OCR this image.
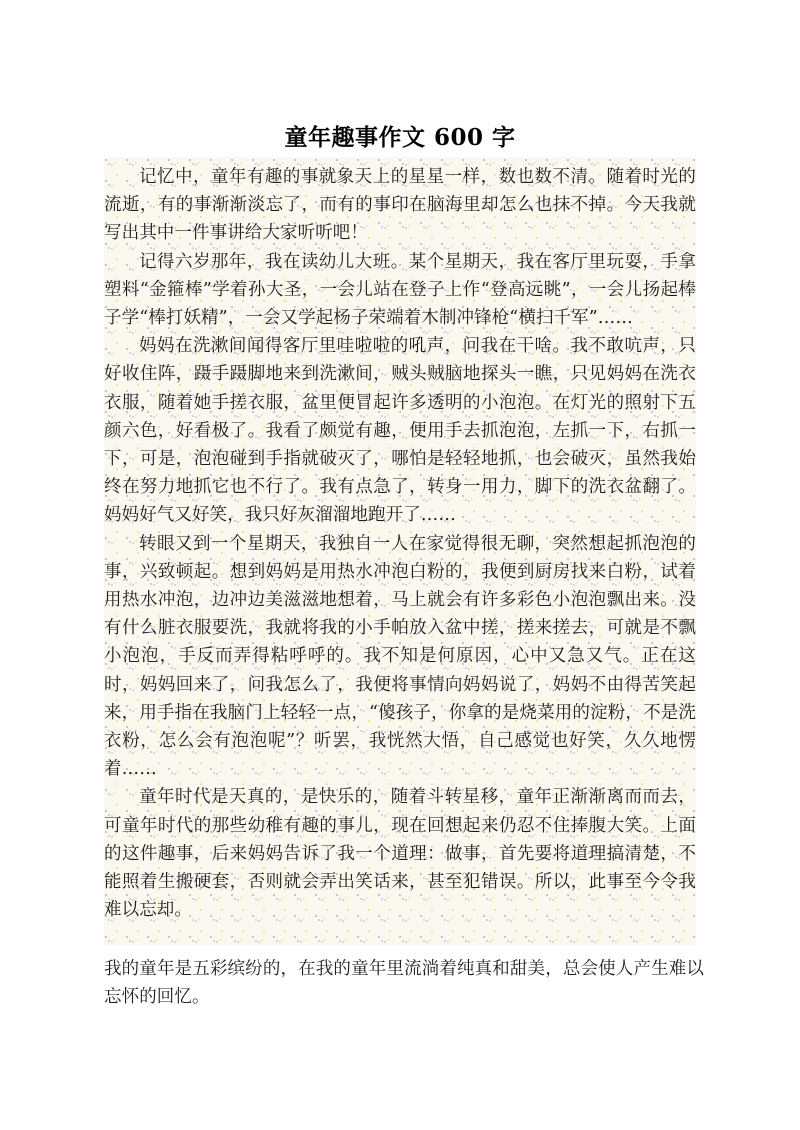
童年趣事作文 600 字

记忆中，童年有趣的事就象天上的星星一样，数也数不清。随着时光的流逝，有的事渐渐淡忘了，而有的事印在脑海里却怎么也抹不掉。今天我就写出其中一件事讲给大家听听吧！

记得六岁那年，我在读幼儿大班。某个星期天，我在客厅里玩耍，手拿塑料“金箍棒”学着孙大圣，一会儿站在登子上作“登高远眺”，一会儿扬起棒子学“棒打妖精”，一会又学起杨子荣端着木制冲锋枪“横扫千军”……

妈妈在洗漱间闻得客厅里哇啦啦的吼声，问我在干啥。我不敢吭声，只好收住阵，蹑手蹑脚地来到洗漱间，贼头贼脑地探头一瞧，只见妈妈在洗衣衣服，随着她手搓衣服，盆里便冒起许多透明的小泡泡。在灯光的照射下五颜六色，好看极了。我看了颇觉有趣，便用手去抓泡泡，左抓一下，右抓一下，可是，泡泡碰到手指就破灭了，哪怕是轻轻地抓，也会破灭，虽然我始终在努力地抓它也不行了。我有点急了，转身一用力，脚下的洗衣盆翻了。妈妈好气又好笑，我只好灰溜溜地跑开了……

转眼又到一个星期天，我独自一人在家觉得很无聊，突然想起抓泡泡的事，兴致顿起。想到妈妈是用热水冲泡白粉的，我便到厨房找来白粉，试着用热水冲泡，边冲边美滋滋地想着，马上就会有许多彩色小泡泡飘出来。没有什么脏衣服要洗，我就将我的小手帕放入盆中搓，搓来搓去，可就是不飘小泡泡，手反而弄得粘呼呼的。我不知是何原因，心中又急又气。正在这时，妈妈回来了，问我怎么了，我便将事情向妈妈说了，妈妈不由得苦笑起来，用手指在我脑门上轻轻一点，“傻孩子，你拿的是烧菜用的淀粉，不是洗衣粉，怎么会有泡泡呢”？听罢，我恍然大悟，自己感觉也好笑，久久地愣着……

童年时代是天真的，是快乐的，随着斗转星移，童年正渐渐离而而去，可童年时代的那些幼稚有趣的事儿，现在回想起来仍忍不住捧腹大笑。上面的这件趣事，后来妈妈告诉了我一个道理：做事，首先要将道理搞清楚，不能照着生搬硬套，否则就会弄出笑话来，甚至犯错误。所以，此事至今令我难以忘却。

我的童年是五彩缤纷的，在我的童年里流淌着纯真和甜美，总会使人产生难以忘怀的回忆。
